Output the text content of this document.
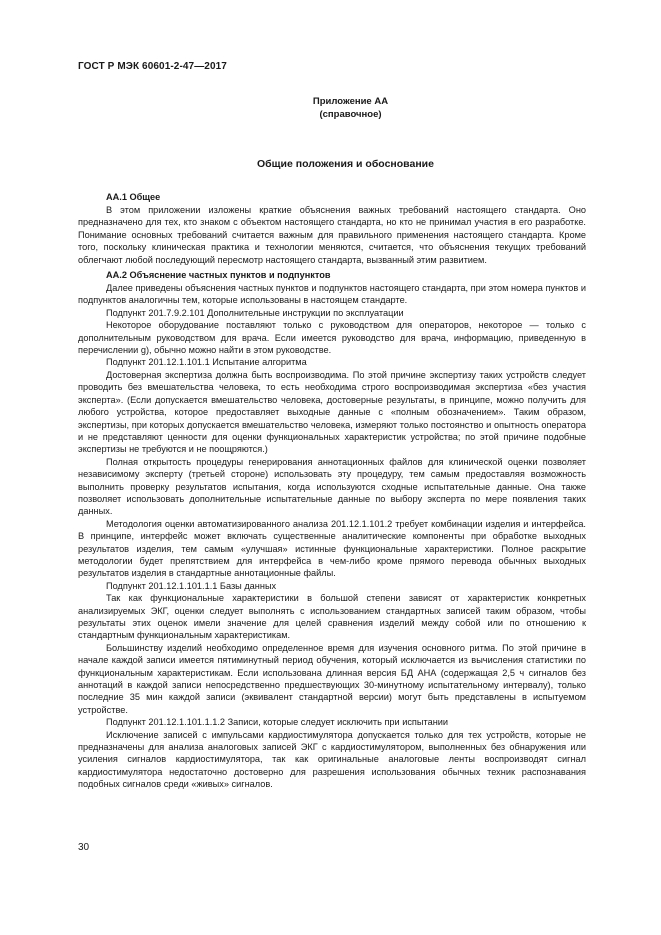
ГОСТ Р МЭК 60601-2-47—2017
Приложение АА
(справочное)
Общие положения и обоснование
АА.1 Общее

В этом приложении изложены краткие объяснения важных требований настоящего стандарта. Оно предназначено для тех, кто знаком с объектом настоящего стандарта, но кто не принимал участия в его разработке. Понимание основных требований считается важным для правильного применения настоящего стандарта. Кроме того, поскольку клиническая практика и технологии меняются, считается, что объяснения текущих требований облегчают любой последующий пересмотр настоящего стандарта, вызванный этим развитием.

АА.2 Объяснение частных пунктов и подпунктов

Далее приведены объяснения частных пунктов и подпунктов настоящего стандарта, при этом номера пунктов и подпунктов аналогичны тем, которые использованы в настоящем стандарте.

Подпункт 201.7.9.2.101 Дополнительные инструкции по эксплуатации

Некоторое оборудование поставляют только с руководством для операторов, некоторое — только с дополнительным руководством для врача. Если имеется руководство для врача, информацию, приведенную в перечислении g), обычно можно найти в этом руководстве.

Подпункт 201.12.1.101.1 Испытание алгоритма

Достоверная экспертиза должна быть воспроизводима. По этой причине экспертизу таких устройств следует проводить без вмешательства человека, то есть необходима строго воспроизводимая экспертиза «без участия эксперта». (Если допускается вмешательство человека, достоверные результаты, в принципе, можно получить для любого устройства, которое предоставляет выходные данные с «полным обозначением». Таким образом, экспертизы, при которых допускается вмешательство человека, измеряют только постоянство и опытность оператора и не представляют ценности для оценки функциональных характеристик устройства; по этой причине подобные экспертизы не требуются и не поощряются.)

Полная открытость процедуры генерирования аннотационных файлов для клинической оценки позволяет независимому эксперту (третьей стороне) использовать эту процедуру, тем самым предоставляя возможность выполнить проверку результатов испытания, когда используются сходные испытательные данные. Она также позволяет использовать дополнительные испытательные данные по выбору эксперта по мере появления таких данных.

Методология оценки автоматизированного анализа 201.12.1.101.2 требует комбинации изделия и интерфейса. В принципе, интерфейс может включать существенные аналитические компоненты при обработке выходных результатов изделия, тем самым «улучшая» истинные функциональные характеристики. Полное раскрытие методологии будет препятствием для интерфейса в чем-либо кроме прямого перевода обычных выходных результатов изделия в стандартные аннотационные файлы.

Подпункт 201.12.1.101.1.1 Базы данных

Так как функциональные характеристики в большой степени зависят от характеристик конкретных анализируемых ЭКГ, оценки следует выполнять с использованием стандартных записей таким образом, чтобы результаты этих оценок имели значение для целей сравнения изделий между собой или по отношению к стандартным функциональным характеристикам.

Большинству изделий необходимо определенное время для изучения основного ритма. По этой причине в начале каждой записи имеется пятиминутный период обучения, который исключается из вычисления статистики по функциональным характеристикам. Если использована длинная версия БД АНА (содержащая 2,5 ч сигналов без аннотаций в каждой записи непосредственно предшествующих 30-минутному испытательному интервалу), только последние 35 мин каждой записи (эквивалент стандартной версии) могут быть представлены в испытуемом устройстве.

Подпункт 201.12.1.101.1.1.2 Записи, которые следует исключить при испытании

Исключение записей с импульсами кардиостимулятора допускается только для тех устройств, которые не предназначены для анализа аналоговых записей ЭКГ с кардиостимулятором, выполненных без обнаружения или усиления сигналов кардиостимулятора, так как оригинальные аналоговые ленты воспроизводят сигнал кардиостимулятора недостаточно достоверно для разрешения использования обычных техник распознавания подобных сигналов среди «живых» сигналов.

30
